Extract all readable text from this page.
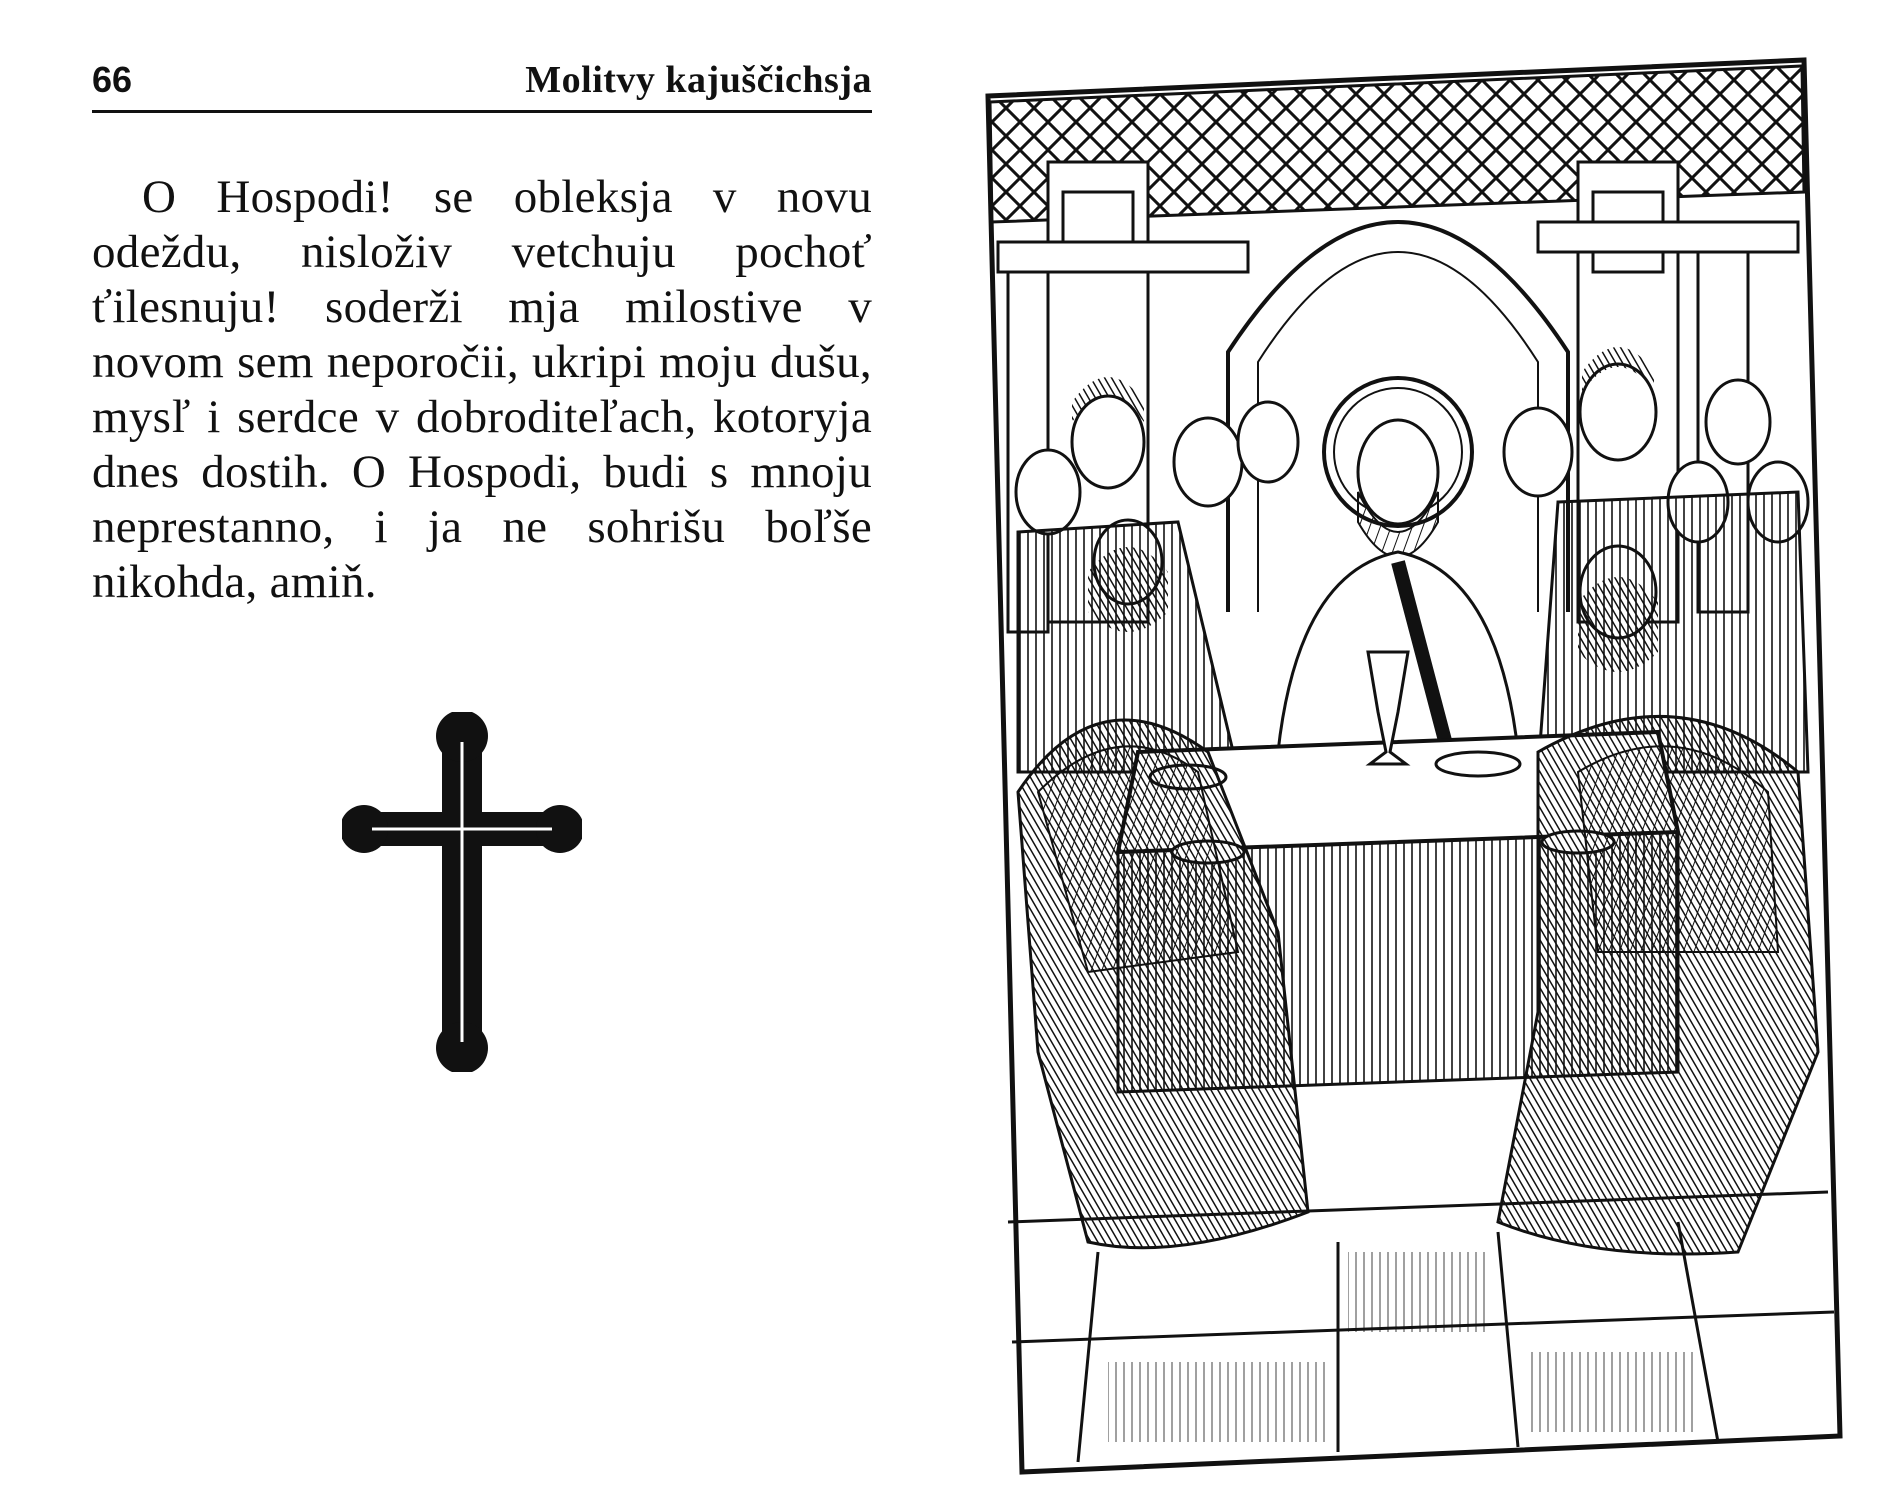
66	Molitvy kajuščichsja

O Hospodi! se obleksja v novu odeždu, nisloživ vetchuju pochoť ťilesnuju! soderži mja milostive v novom sem neporočii, ukripi moju dušu, mysľ i serdce v dobroditeľach, kotoryja dnes dostih. O Hospodi, budi s mnoju neprestanno, i ja ne sohrišu boľše nikohda, amiň.
